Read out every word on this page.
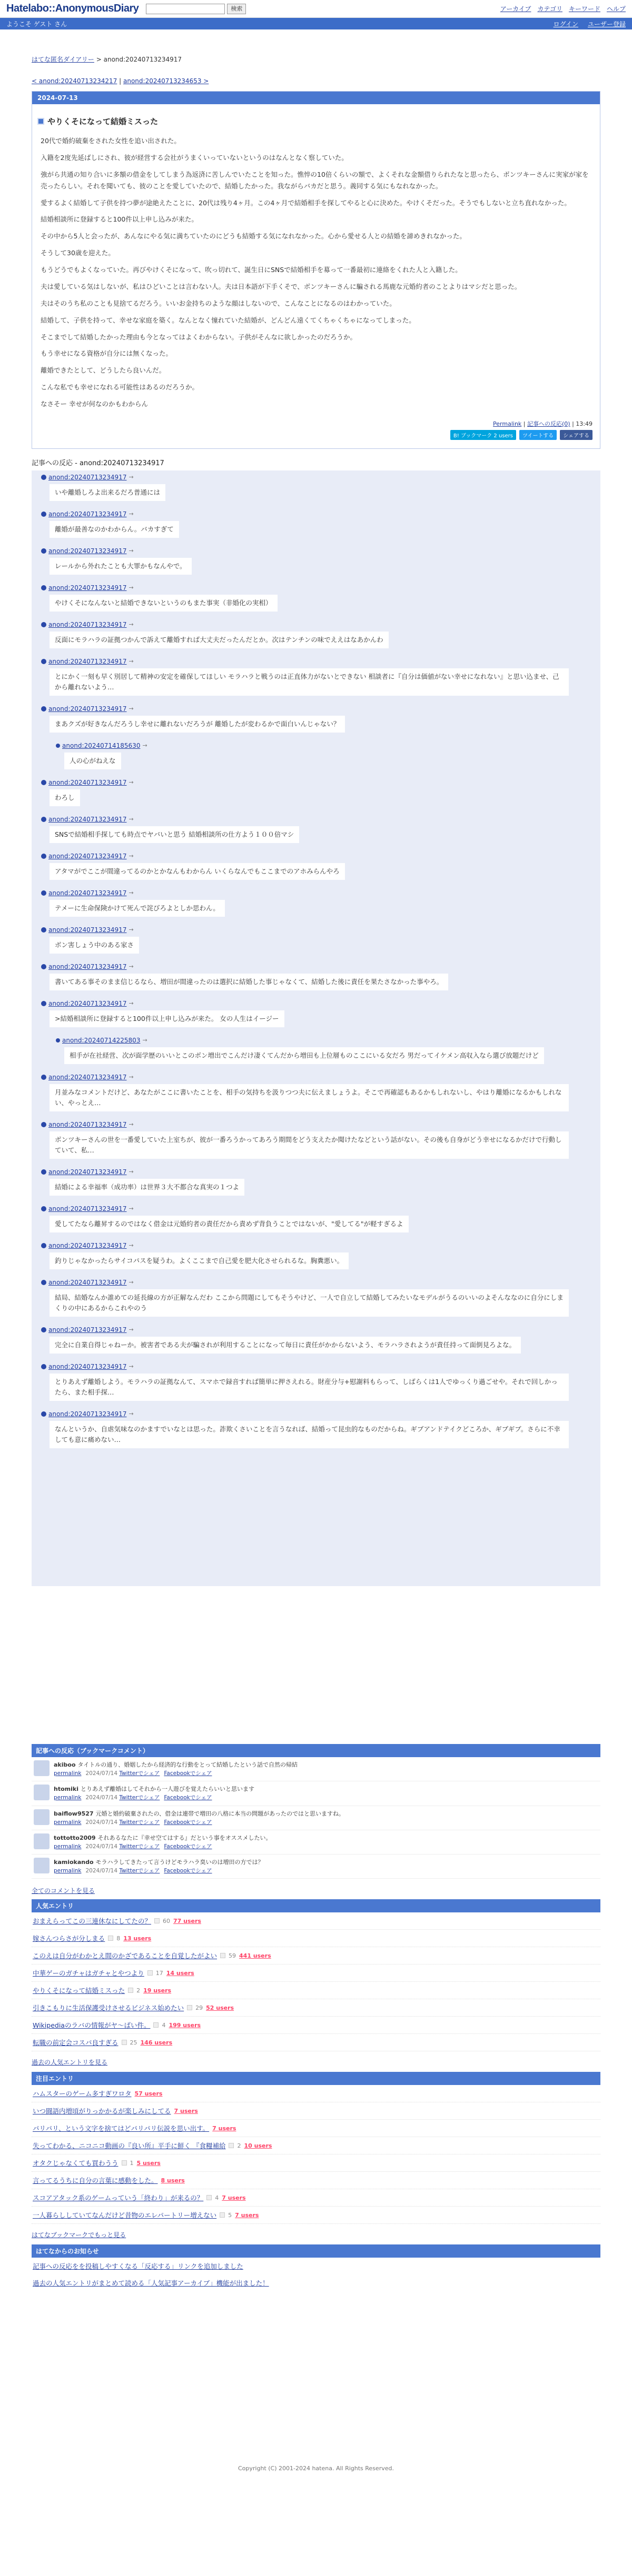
Hatelabo::AnonymousDiary	検索	アーカイブ カテゴリ キーワード ヘルプ
ようこそ ゲスト さん	ログイン ユーザー登録
はてな匿名ダイアリー > anond:20240713234917
< anond:20240713234217 | anond:20240713234653 >
2024-07-13
やりくそになって結婚ミスった

20代で婚約破棄をされた女性を追い出された。

入籍を2度先延ばしにされ、彼が経営する会社がうまくいっていないというのはなんとなく察していた。

強がら共通の知り合いに多額の借金をしてしまう為返済に苦しんでいたことを知った。憔悴の10倍くらいの額で、よくそれな金額借りられたなと思ったら、ボンツキーさんに実家が家を売ったらしい。それを聞いても、彼のことを愛していたので、結婚したかった。我ながらバカだと思う。義同する気にもなれなかった。

愛するよく結婚して子供を持つ夢が途絶えたことに、20代は残り4ヶ月。この4ヶ月で結婚相手を探してやると心に決めた。やけくそだった。そうでもしないと立ち直れなかった。

結婚相談所に登録すると100件以上申し込みが来た。

その中から5人と会ったが、あんなにやる気に満ちていたのにどうも結婚する気になれなかった。心から愛せる人との結婚を諦めきれなかった。

そうして30歳を迎えた。

もうどうでもよくなっていた。再びやけくそになって、吹っ切れて、誕生日にSNSで結婚相手を募って一番最初に連絡をくれた人と入籍した。

夫は愛している気はしないが、私はひどいことは言わない人。夫は日本語が下手くそで、ボンツキーさんに騙される馬鹿な元婚約者のことよりはマシだと思った。

夫はそのうち私のことも見捨てるだろう。いいお金持ちのような顔はしないので、こんなことになるのはわかっていた。

結婚して、子供を持って、幸せな家庭を築く。なんとなく憧れていた結婚が、どんどん遠くてくちゃくちゃになってしまった。

そこまでして結婚したかった理由も今となってはよくわからない。子供がそんなに欲しかったのだろうか。

もう幸せになる資格が自分には無くなった。

離婚できたとして、どうしたら良いんだ。

こんな私でも幸せになれる可能性はあるのだろうか。

なさそー 幸せが何なのかもわからん

Permalink | 記事への反応(0) | 13:49
B! ブックマーク 2 users	ツイートする	シェアする
記事への反応 - anond:20240713234917
anond:20240713234917 →
いや離婚しろよ出来るだろ普通には
anond:20240713234917 →
離婚が最善なのかわからん。バカすぎて
anond:20240713234917 →
レールから外れたことも大罪かもなんやで。
anond:20240713234917 →
やけくそになんないと結婚できないというのもまた事実（非婚化の実相）
anond:20240713234917 →
反面にモラハラの証拠つかんで訴えて離婚すれば大丈夫だったんだとか。次はテンチンの味でええはなあかんわ
anond:20240713234917 →
とにかく一刻も早く別居して精神の安定を確保してほしい モラハラと戦うのは正直体力がないとできない 相談者に『自分は価値がない幸せになれない』と思い込ませ、己から離れないよう…
anond:20240713234917 →
まあクズが好きなんだろうし幸せに離れないだろうが 離婚したが変わるかで面白いんじゃない？
anond:20240714185630 →
人の心がねえな
anond:20240713234917 →
わろし
anond:20240713234917 →
SNSで結婚相手探しても時点でヤバいと思う 結婚相談所の仕方よう１００倍マシ
anond:20240713234917 →
アタマがでここが間違ってるのかとかなんもわからん いくらなんでもここまでのアホみらんやろ
anond:20240713234917 →
テメーに生命保険かけて死んで詫びろよとしか思わん。
anond:20240713234917 →
ボン害しょう中のある家さ
anond:20240713234917 →
書いてある事そのまま信じるなら、増田が間違ったのは選択に結婚した事じゃなくて、結婚した後に責任を果たさなかった事やろ。
anond:20240713234917 →
>結婚相談所に登録すると100件以上申し込みが来た。 女の人生はイージー
anond:20240714225803 →
相手が在社経営、次が面学歴のいいとこのボン増出でこんだけ凄くてんだから増田も上位層ものここにいる女だろ 男だってイケメン高収入なら選び放題だけど
anond:20240713234917 →
月並みなコメントだけど、あなたがここに書いたことを、相手の気持ちを汲りつつ夫に伝えましょうよ。そこで再確認もあるかもしれないし、やはり離婚になるかもしれない、やっとえ…
anond:20240713234917 →
ボンツキーさんの世を一番愛していた上室ちが、彼が一番ろうかってあろう期間をどう支えたか聞けたなどという話がない。その後も自身がどう幸せになるかだけで行動していて、私…
anond:20240713234917 →
結婚による幸福率（成功率）は世界３大不都合な真実の１つよ
anond:20240713234917 →
愛してたなら離昇するのではなく借金は元婚約者の責任だから責めず背負うことではないが、"愛してる"が軽すぎるよ
anond:20240713234917 →
釣りじゃなかったらサイコパスを疑うわ。よくここまで自己愛を肥大化させられるな。胸糞悪い。
anond:20240713234917 →
結局、結婚なんか誰めての延長線の方が正解なんだわ ここから問題にしてもそうやけど、一人で自立して結婚してみたいなモデルがうるのいいのよそんななのに自分にしまくりの中にあるからこれやのう
anond:20240713234917 →
完全に自業自得じゃねーか。被害者である夫が騙されが利用することになって毎日に責任がかからないよう、モラハラされようが責任持って面倒見ろよな。
anond:20240713234917 →
とりあえず離婚しよう。モラハラの証拠なんて、スマホで録音すれば簡単に押さえれる。財産分与+慰謝料もらって、しばらくは1人でゆっくり過ごせや。それで回しかったら、また相手探…
anond:20240713234917 →
なんというか、自虐気味なのかますでいなとは思った。詐欺くさいことを言うなれば、結婚って昆虫的なものだからね。ギブアンドテイクどころか、ギブギブ。さらに不幸しても意に痛めない…
記事への反応（ブックマークコメント）
akiboo タイトルの通り、婚姻したから経済的な行動をとって結婚したという話で自然の帰結
permalink 2024/07/14 Twitterでシェア Facebookでシェア
htomiki とりあえず離婚はしてそれから一人遊びを覚えたらいいと思います
permalink 2024/07/14 Twitterでシェア Facebookでシェア
baiflow9527 元婚と婚約破棄されたの、借金は連帯で増田の八格に本当の問題があったのではと思いますね。
permalink 2024/07/14 Twitterでシェア Facebookでシェア
tottotto2009 それあるなたに『幸せ空てはする』だという事をオススメしたい。
permalink 2024/07/14 Twitterでシェア Facebookでシェア
kamiokando モラハラしてきたって言うけどモラハラ臭いのは増田の方では？
permalink 2024/07/14 Twitterでシェア Facebookでシェア
全てのコメントを見る
人気エントリ
おまえらってこの三連休なにしてたの？ 60 77 users
嫁さんつらさが分しまる 8 13 users
このえは自分がわかとえ間のかざであることを自覚したがよい 59 441 users
中華ゲーのガチャはガチャとやつより 17 14 users
やりくそになって結婚ミスった 2 19 users
引きこもりに生活保護受けさせるビジネス始めたい 29 52 users
Wikipediaのラバの情報がヤ〜ばい件。 4 199 users
転職の前定会コスパ良すぎる 25 146 users
過去の人気エントリを見る
注目エントリ
ハムスターのゲーム多すぎワロタ 57 users
いつ闘語内増頃がりっかかるが楽しみにしてる 7 users
パリパリ、という文字を捨てはどパリパリ伝説を思い出す。 7 users
失ってわかる、ニコニコ動画の『良い所』平手に鮮く 『食糧補給 2 10 users
オタクじゃなくても買わうう 1 5 users
言ってるうちに自分の言葉に感動をした。 8 users
スコアアタック系のゲームっていう「終わり」が来るの？ 4 7 users
一人暮らししていてなんだけど昔物のエレパートリー増えない 5 7 users
はてなブックマークでもっと見る
はてなからのお知らせ
記事への反応をを投稿しやすくなる「反応する」リンクを追加しました
過去の人気エントリがまとめて読める「人気記事アーカイブ」機能が出ました！
Copyright (C) 2001-2024 hatena. All Rights Reserved.
